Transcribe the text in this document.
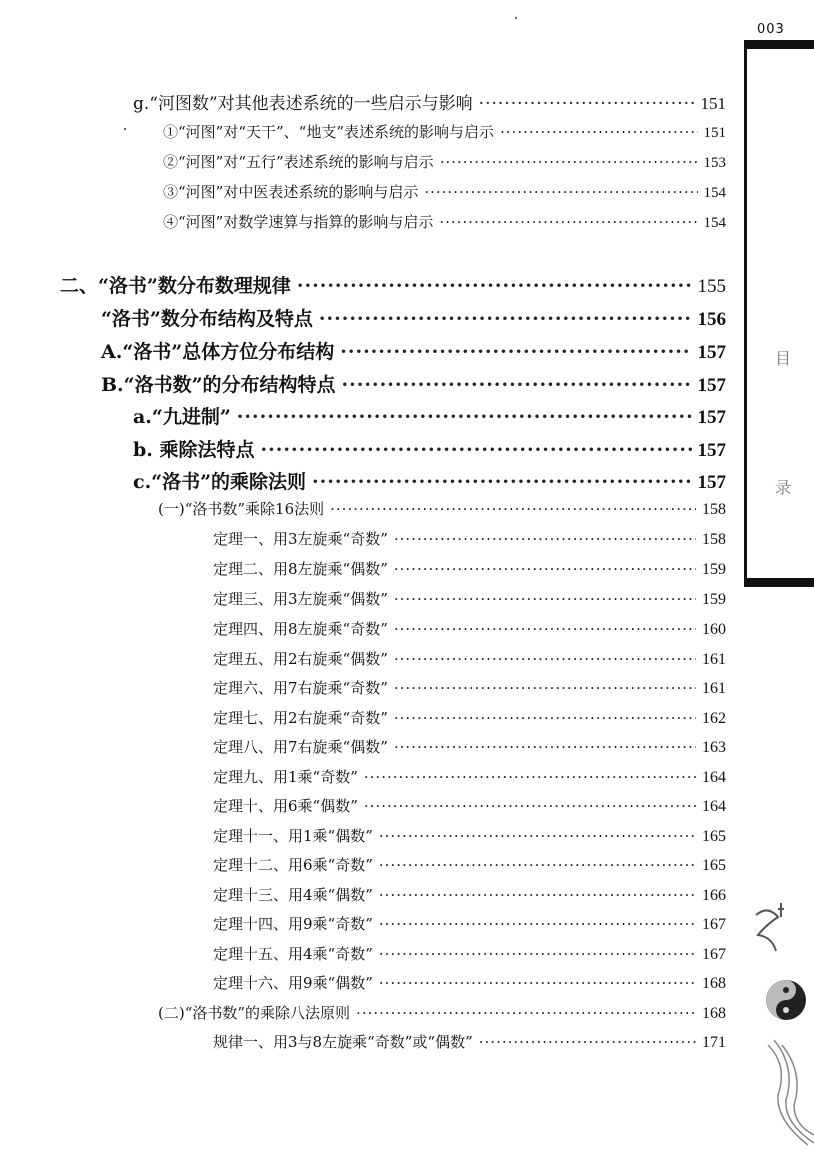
003
目
录
g.“河图数”对其他表述系统的一些启示与影响 ·····	151
①“河图”对“天干”、“地支”表述系统的影响与启示 ·····	151
②“河图”对“五行”表述系统的影响与启示 ·····	153
③“河图”对中医表述系统的影响与启示 ·····	154
④“河图”对数学速算与指算的影响与启示 ·····	154
二、“洛书”数分布数理规律 ·····	155
“洛书”数分布结构及特点 ·····	156
A.“洛书”总体方位分布结构 ·····	157
B.“洛书数”的分布结构特点 ·····	157
a.“九进制” ·····	157
b. 乘除法特点 ·····	157
c.“洛书”的乘除法则 ·····	157
(一)“洛书数”乘除16法则 ·····	158
定理一、用3左旋乘“奇数” ·····	158
定理二、用8左旋乘“偶数” ·····	159
定理三、用3左旋乘“偶数” ·····	159
定理四、用8左旋乘“奇数” ·····	160
定理五、用2右旋乘“偶数” ·····	161
定理六、用7右旋乘“奇数” ·····	161
定理七、用2右旋乘“奇数” ·····	162
定理八、用7右旋乘“偶数” ·····	163
定理九、用1乘“奇数” ·····	164
定理十、用6乘“偶数” ·····	164
定理十一、用1乘“偶数” ·····	165
定理十二、用6乘“奇数” ·····	165
定理十三、用4乘“偶数” ·····	166
定理十四、用9乘“奇数” ·····	167
定理十五、用4乘“奇数” ·····	167
定理十六、用9乘“偶数” ·····	168
(二)“洛书数”的乘除八法原则 ·····	168
规律一、用3与8左旋乘“奇数”或“偶数” ·····	171
